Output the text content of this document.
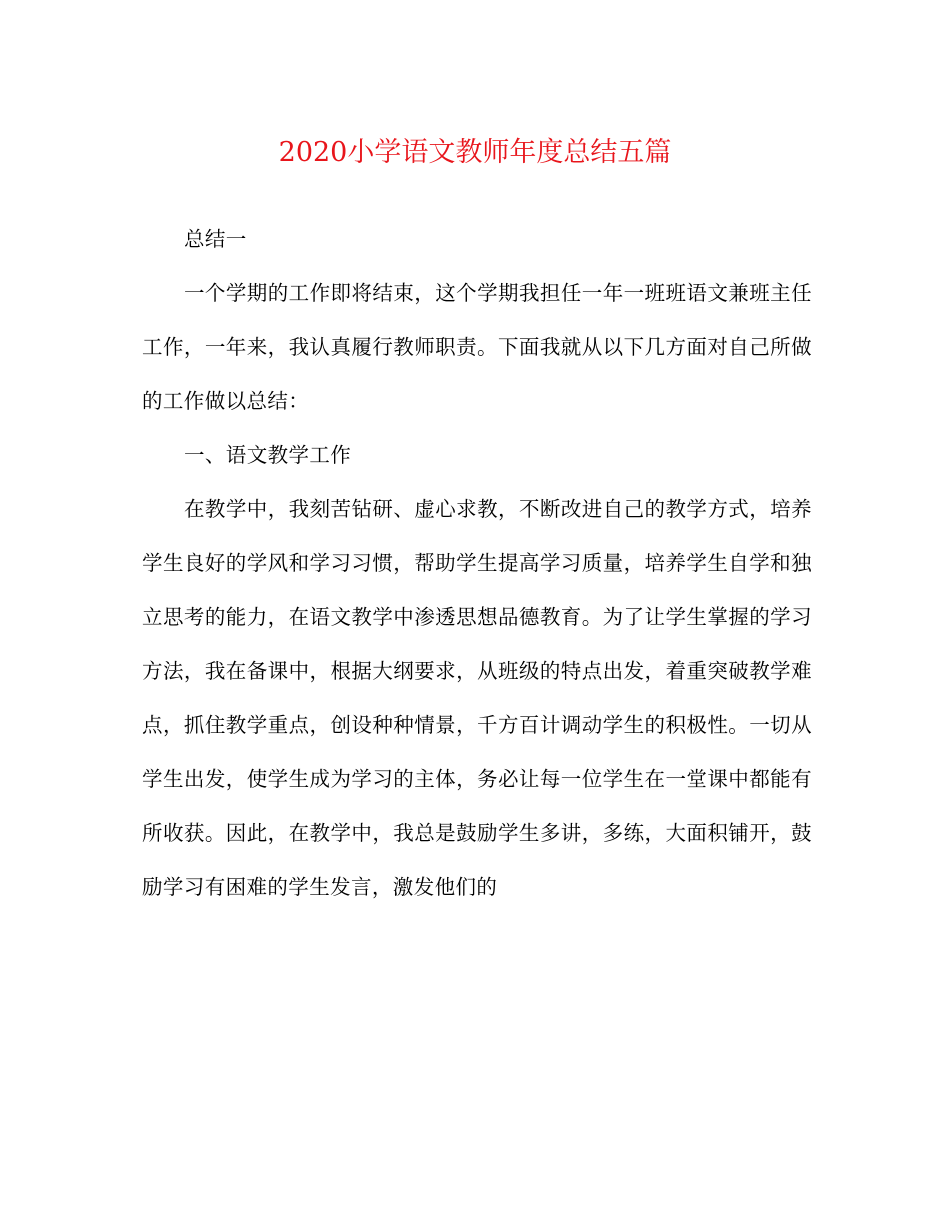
2020小学语文教师年度总结五篇

总结一

一个学期的工作即将结束，这个学期我担任一年一班班语文兼班主任工作，一年来，我认真履行教师职责。下面我就从以下几方面对自己所做的工作做以总结：

一、语文教学工作

在教学中，我刻苦钻研、虚心求教，不断改进自己的教学方式，培养学生良好的学风和学习习惯，帮助学生提高学习质量，培养学生自学和独立思考的能力，在语文教学中渗透思想品德教育。为了让学生掌握的学习方法，我在备课中，根据大纲要求，从班级的特点出发，着重突破教学难点，抓住教学重点，创设种种情景，千方百计调动学生的积极性。一切从学生出发，使学生成为学习的主体，务必让每一位学生在一堂课中都能有所收获。因此，在教学中，我总是鼓励学生多讲，多练，大面积铺开，鼓励学习有困难的学生发言，激发他们的
